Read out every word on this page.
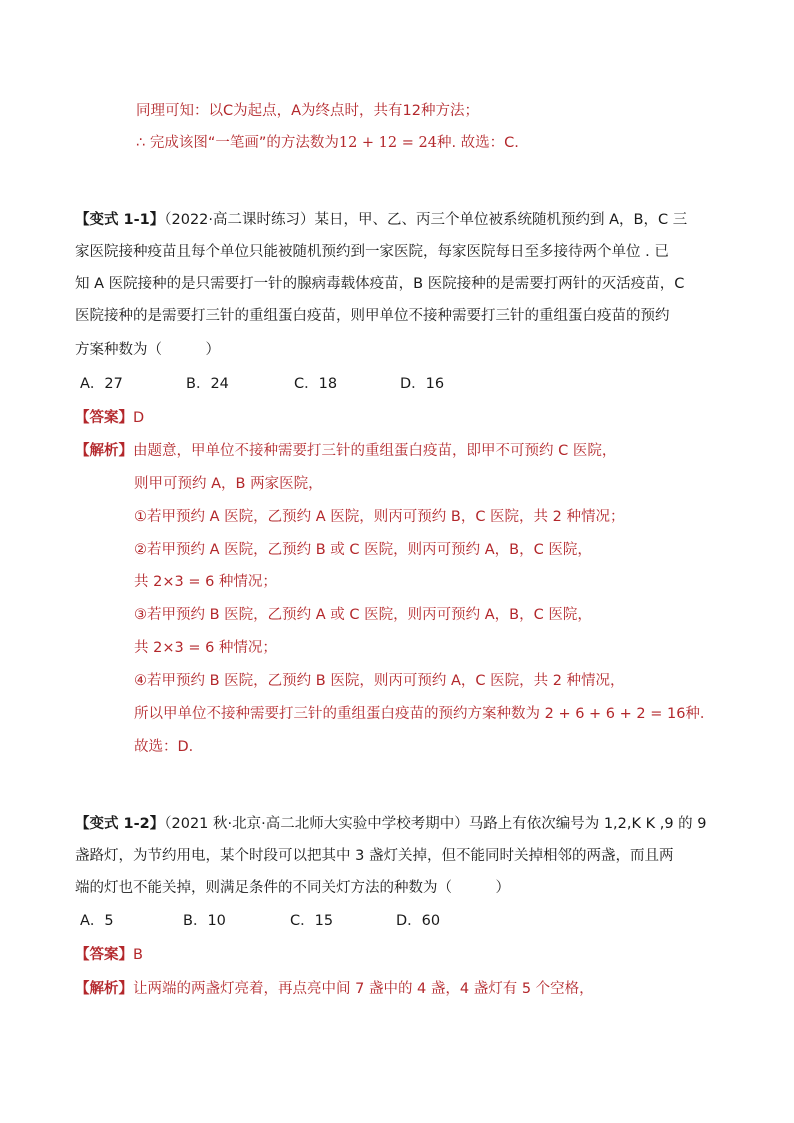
同理可知：以C为起点，A为终点时，共有12种方法；
∴ 完成该图“一笔画”的方法数为12 + 12 = 24种. 故选：C.
【变式 1-1】（2022·高二课时练习）某日，甲、乙、丙三个单位被系统随机预约到 A，B，C 三
家医院接种疫苗且每个单位只能被随机预约到一家医院，每家医院每日至多接待两个单位 . 已
知 A 医院接种的是只需要打一针的腺病毒载体疫苗，B 医院接种的是需要打两针的灭活疫苗，C
医院接种的是需要打三针的重组蛋白疫苗，则甲单位不接种需要打三针的重组蛋白疫苗的预约
方案种数为（　　　）
A．27	B．24	C．18	D．16
【答案】D
【解析】由题意，甲单位不接种需要打三针的重组蛋白疫苗，即甲不可预约 C 医院，
则甲可预约 A，B 两家医院，
①若甲预约 A 医院，乙预约 A 医院，则丙可预约 B，C 医院，共 2 种情况；
②若甲预约 A 医院，乙预约 B 或 C 医院，则丙可预约 A，B，C 医院，
共 2×3 = 6 种情况；
③若甲预约 B 医院，乙预约 A 或 C 医院，则丙可预约 A，B，C 医院，
共 2×3 = 6 种情况；
④若甲预约 B 医院，乙预约 B 医院，则丙可预约 A，C 医院，共 2 种情况，
所以甲单位不接种需要打三针的重组蛋白疫苗的预约方案种数为 2 + 6 + 6 + 2 = 16种．
故选：D．
【变式 1-2】（2021 秋·北京·高二北师大实验中学校考期中）马路上有依次编号为 1,2,K K ,9 的 9
盏路灯，为节约用电，某个时段可以把其中 3 盏灯关掉，但不能同时关掉相邻的两盏，而且两
端的灯也不能关掉，则满足条件的不同关灯方法的种数为（　　　）
A．5	B．10	C．15	D．60
【答案】B
【解析】让两端的两盏灯亮着，再点亮中间 7 盏中的 4 盏，4 盏灯有 5 个空格，
